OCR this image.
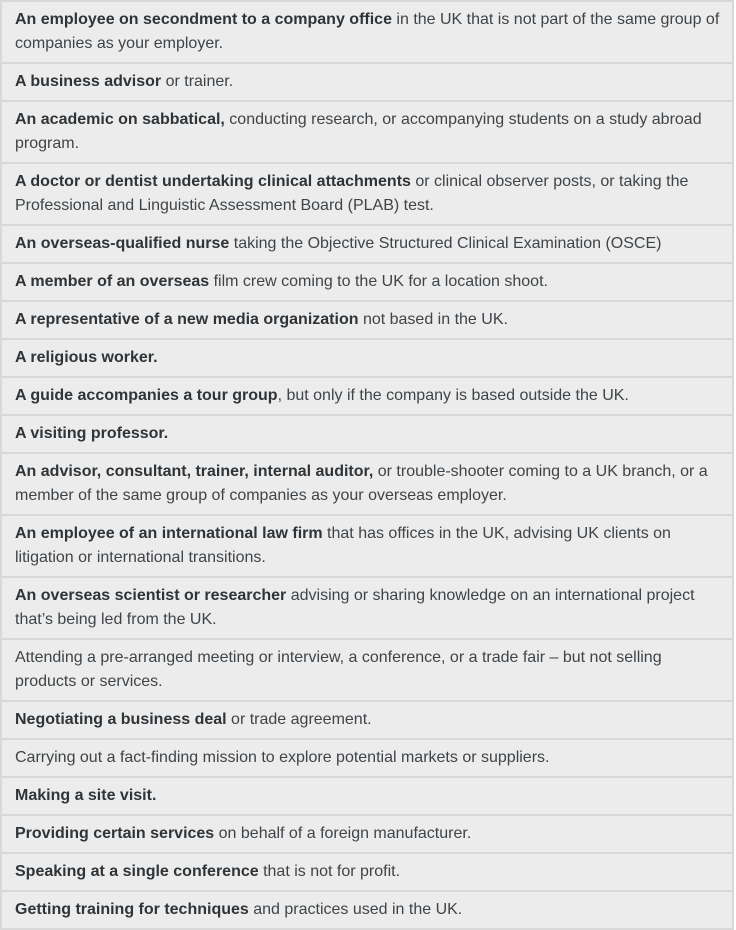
An employee on secondment to a company office in the UK that is not part of the same group of companies as your employer.
A business advisor or trainer.
An academic on sabbatical, conducting research, or accompanying students on a study abroad program.
A doctor or dentist undertaking clinical attachments or clinical observer posts, or taking the Professional and Linguistic Assessment Board (PLAB) test.
An overseas-qualified nurse taking the Objective Structured Clinical Examination (OSCE)
A member of an overseas film crew coming to the UK for a location shoot.
A representative of a new media organization not based in the UK.
A religious worker.
A guide accompanies a tour group, but only if the company is based outside the UK.
A visiting professor.
An advisor, consultant, trainer, internal auditor, or trouble-shooter coming to a UK branch, or a member of the same group of companies as your overseas employer.
An employee of an international law firm that has offices in the UK, advising UK clients on litigation or international transitions.
An overseas scientist or researcher advising or sharing knowledge on an international project that’s being led from the UK.
Attending a pre-arranged meeting or interview, a conference, or a trade fair – but not selling products or services.
Negotiating a business deal or trade agreement.
Carrying out a fact-finding mission to explore potential markets or suppliers.
Making a site visit.
Providing certain services on behalf of a foreign manufacturer.
Speaking at a single conference that is not for profit.
Getting training for techniques and practices used in the UK.
